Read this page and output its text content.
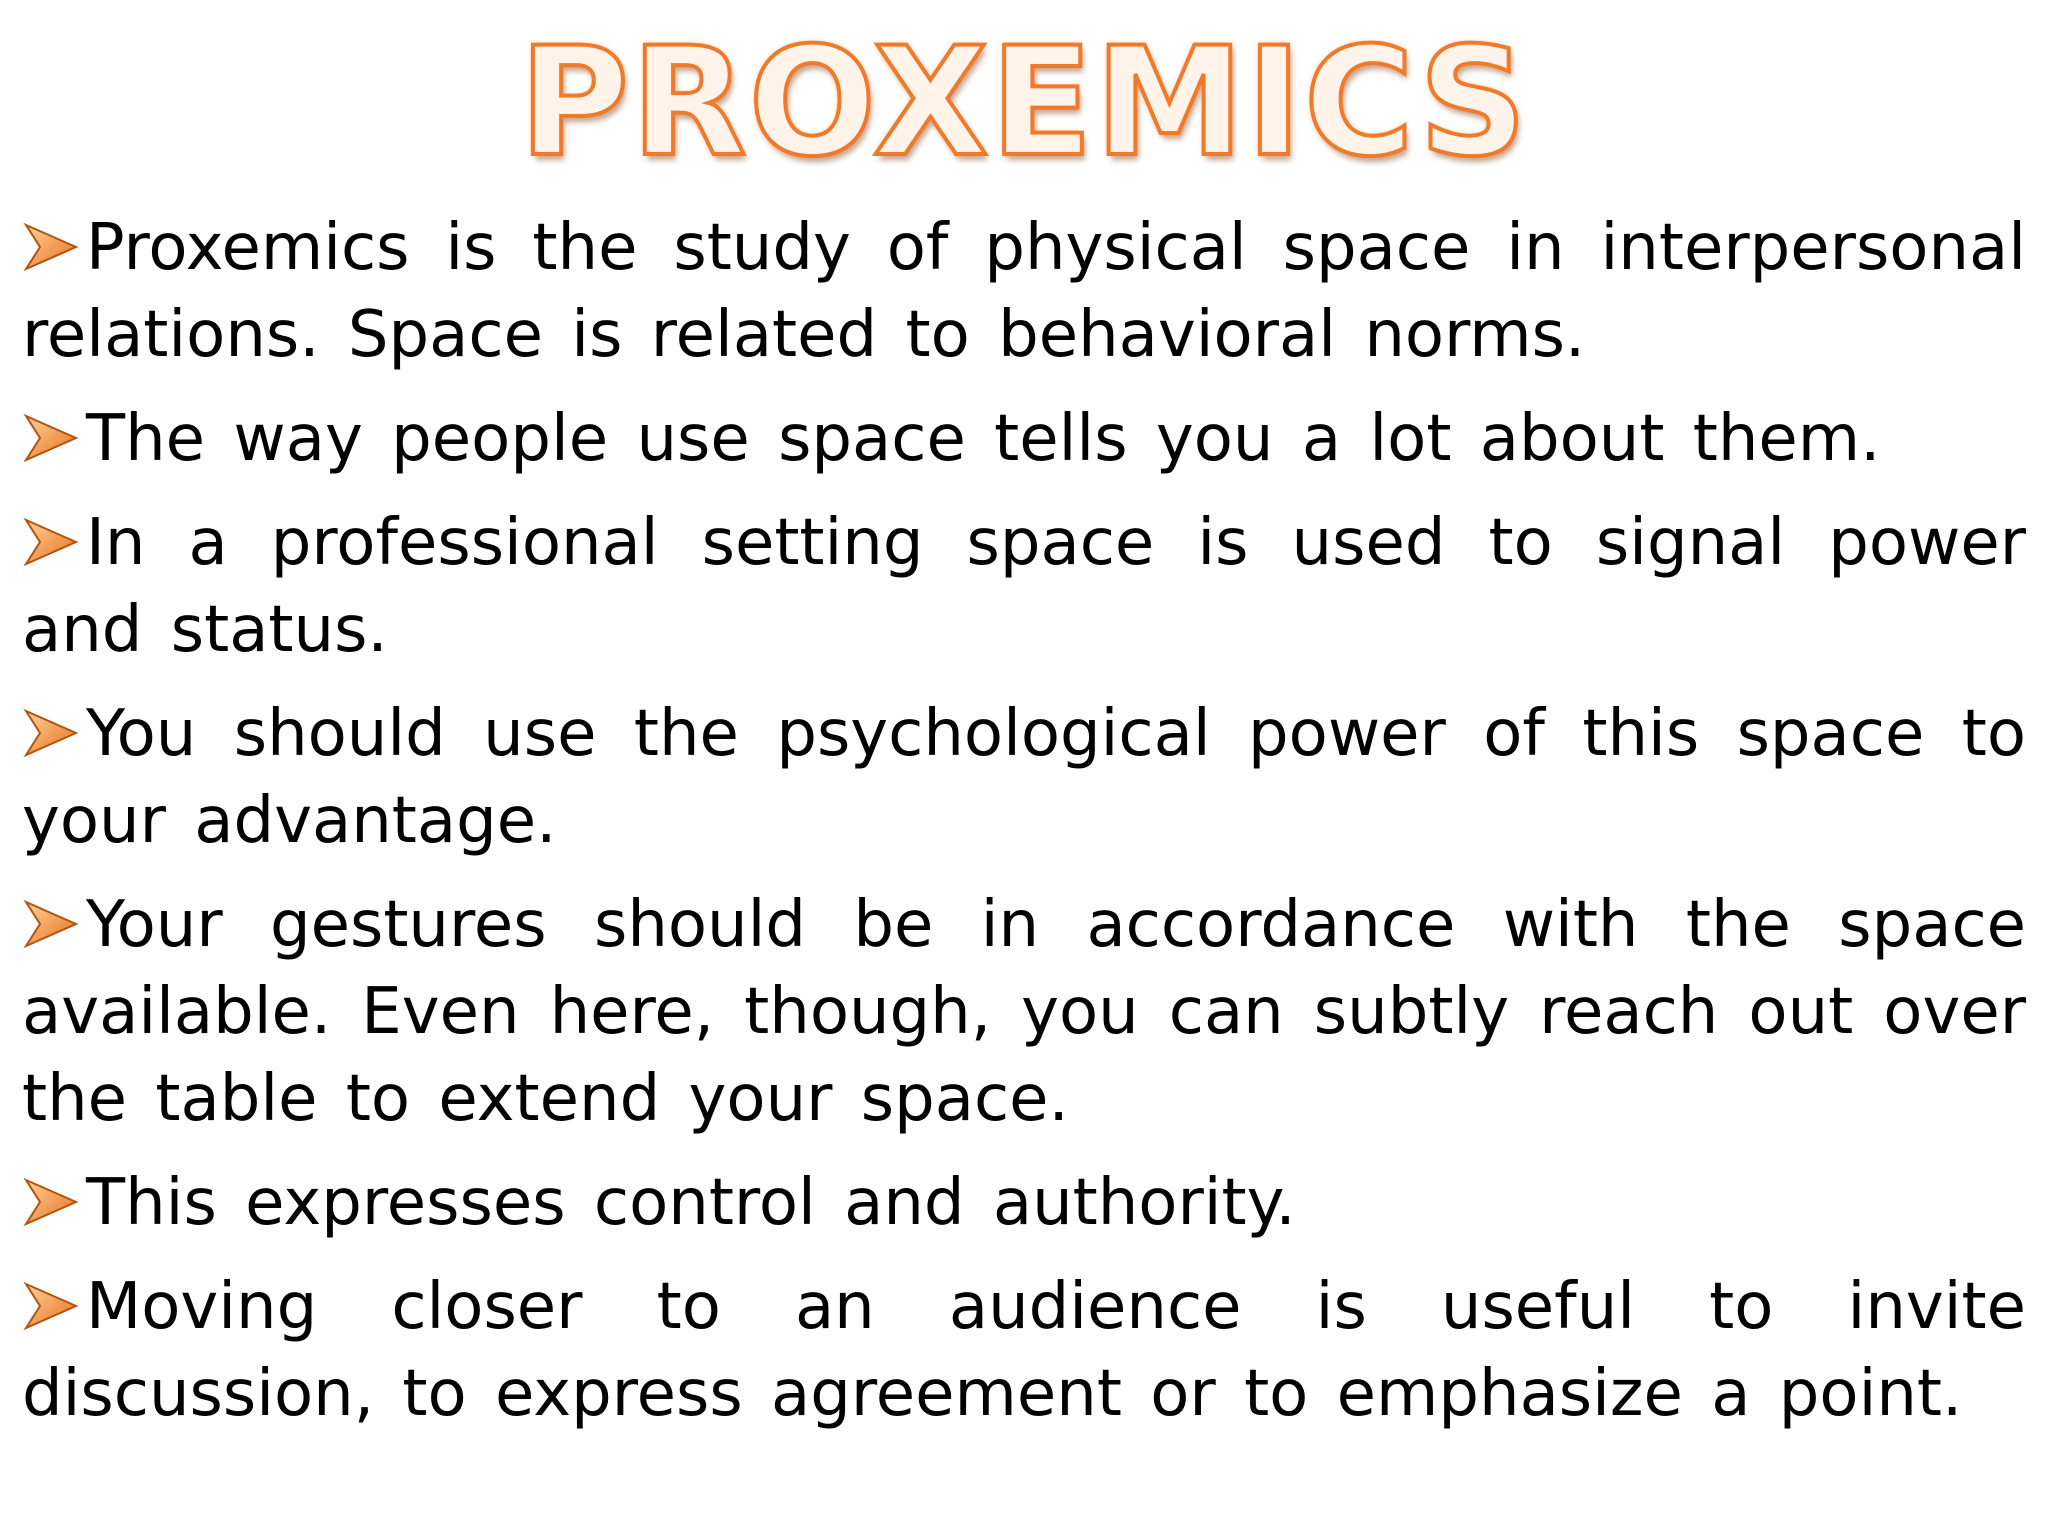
PROXEMICS
Proxemics is the study of physical space in interpersonal relations. Space is related to behavioral norms.
The way people use space tells you a lot about them.
In a professional setting space is used to signal power and status.
You should use the psychological power of this space to your advantage.
Your gestures should be in accordance with the space available. Even here, though, you can subtly reach out over the table to extend your space.
This expresses control and authority.
Moving closer to an audience is useful to invite discussion, to express agreement or to emphasize a point.
